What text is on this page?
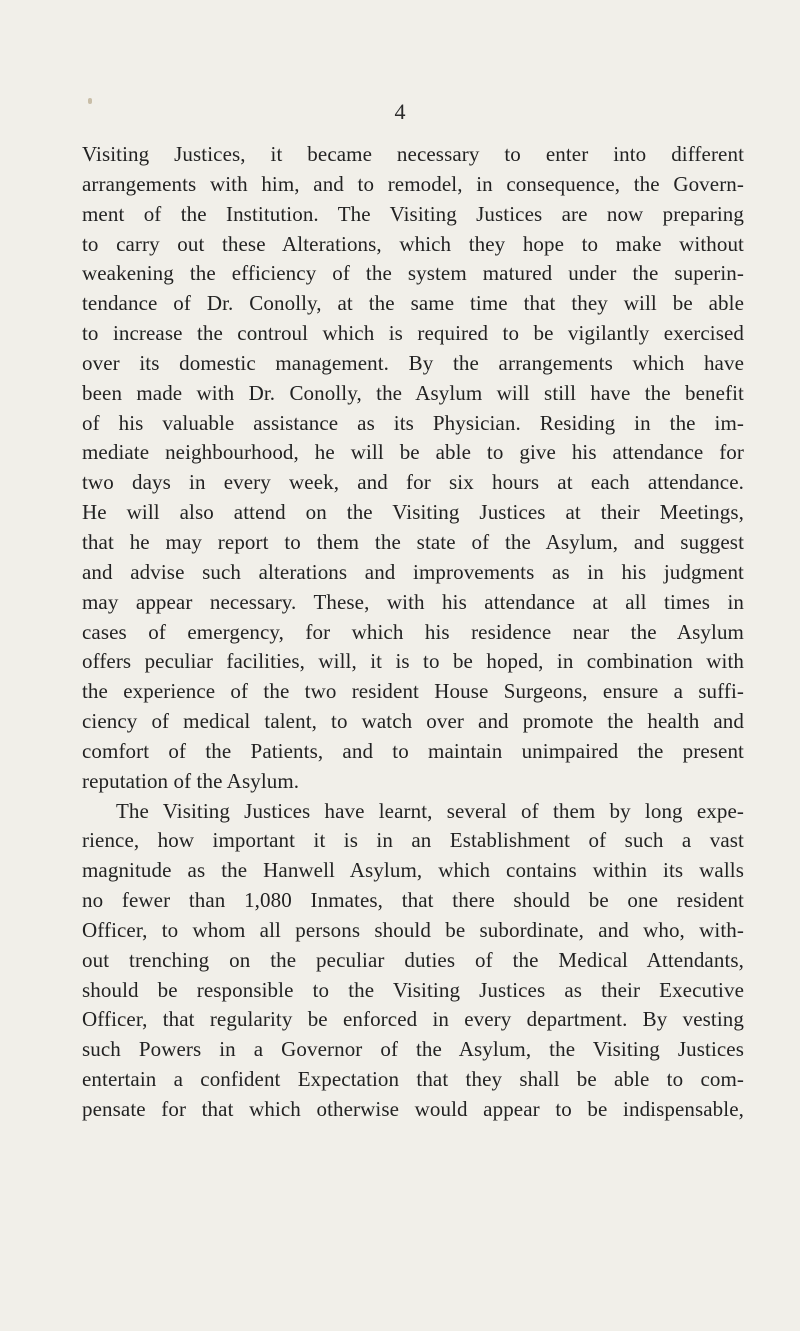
4
Visiting Justices, it became necessary to enter into different
arrangements with him, and to remodel, in consequence, the Govern-
ment of the Institution. The Visiting Justices are now preparing
to carry out these Alterations, which they hope to make without
weakening the efficiency of the system matured under the superin-
tendance of Dr. Conolly, at the same time that they will be able
to increase the controul which is required to be vigilantly exercised
over its domestic management. By the arrangements which have
been made with Dr. Conolly, the Asylum will still have the benefit
of his valuable assistance as its Physician. Residing in the im-
mediate neighbourhood, he will be able to give his attendance for
two days in every week, and for six hours at each attendance.
He will also attend on the Visiting Justices at their Meetings,
that he may report to them the state of the Asylum, and suggest
and advise such alterations and improvements as in his judgment
may appear necessary. These, with his attendance at all times in
cases of emergency, for which his residence near the Asylum
offers peculiar facilities, will, it is to be hoped, in combination with
the experience of the two resident House Surgeons, ensure a suffi-
ciency of medical talent, to watch over and promote the health and
comfort of the Patients, and to maintain unimpaired the present
reputation of the Asylum.
The Visiting Justices have learnt, several of them by long expe-
rience, how important it is in an Establishment of such a vast
magnitude as the Hanwell Asylum, which contains within its walls
no fewer than 1,080 Inmates, that there should be one resident
Officer, to whom all persons should be subordinate, and who, with-
out trenching on the peculiar duties of the Medical Attendants,
should be responsible to the Visiting Justices as their Executive
Officer, that regularity be enforced in every department. By vesting
such Powers in a Governor of the Asylum, the Visiting Justices
entertain a confident Expectation that they shall be able to com-
pensate for that which otherwise would appear to be indispensable,
